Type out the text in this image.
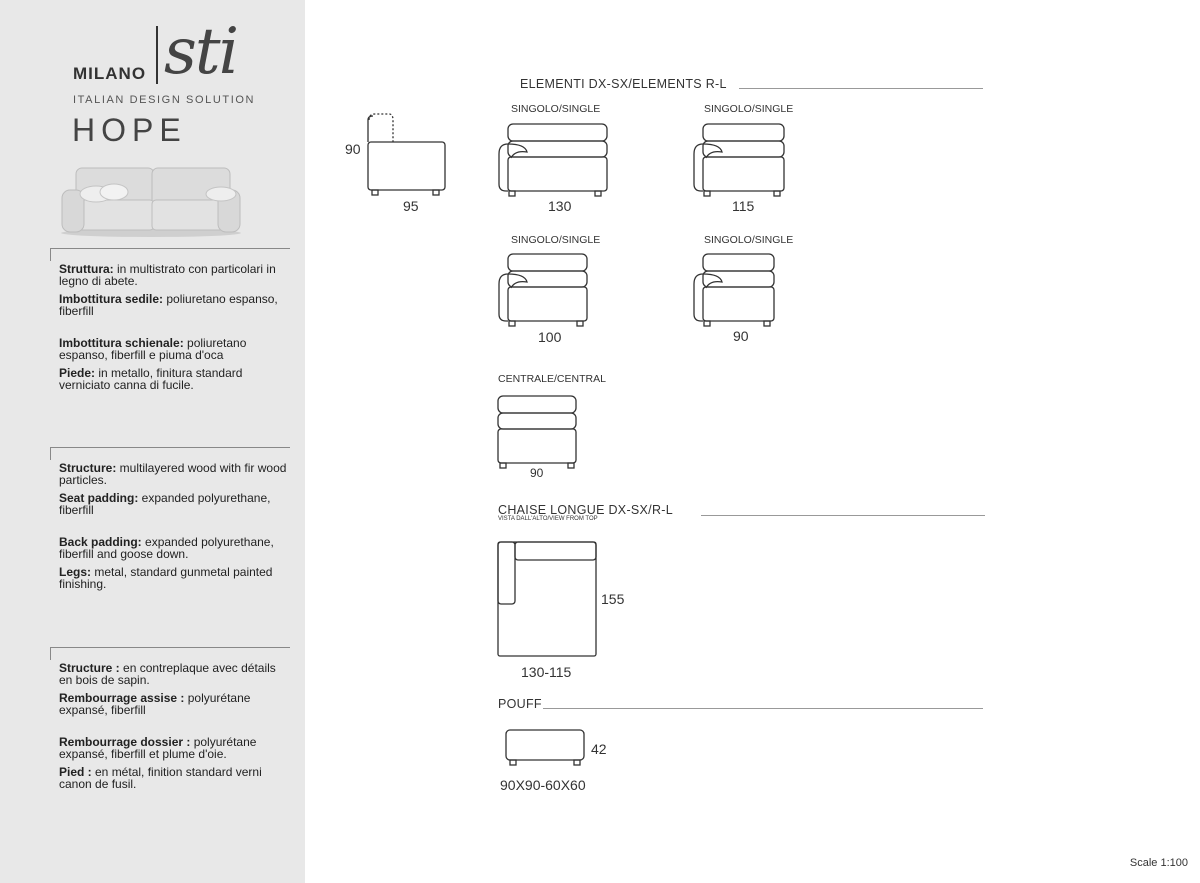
MILANO sti
ITALIAN DESIGN SOLUTION
HOPE
Struttura: in multistrato con particolari in legno di abete.
Imbottitura sedile: poliuretano espanso, fiberfill
Imbottitura schienale: poliuretano espanso, fiberfill e piuma d'oca
Piede: in metallo, finitura standard verniciato canna di fucile.
Structure: multilayered wood with fir wood particles.
Seat padding: expanded polyurethane, fiberfill
Back padding: expanded polyurethane, fiberfill and goose down.
Legs: metal, standard gunmetal painted finishing.
Structure : en contreplaque avec détails en bois de sapin.
Rembourrage assise : polyurétane expansé, fiberfill
Rembourrage dossier : polyurétane expansé, fiberfill et plume d'oie.
Pied : en métal, finition standard verni canon de fusil.
90
95
ELEMENTI DX-SX/ELEMENTS R-L
SINGOLO/SINGLE
130
SINGOLO/SINGLE
115
SINGOLO/SINGLE
100
SINGOLO/SINGLE
90
CENTRALE/CENTRAL
90
CHAISE LONGUE DX-SX/R-L
VISTA DALL'ALTO/VIEW FROM TOP
155
130-115
POUFF
42
90X90-60X60
Scale 1:100
